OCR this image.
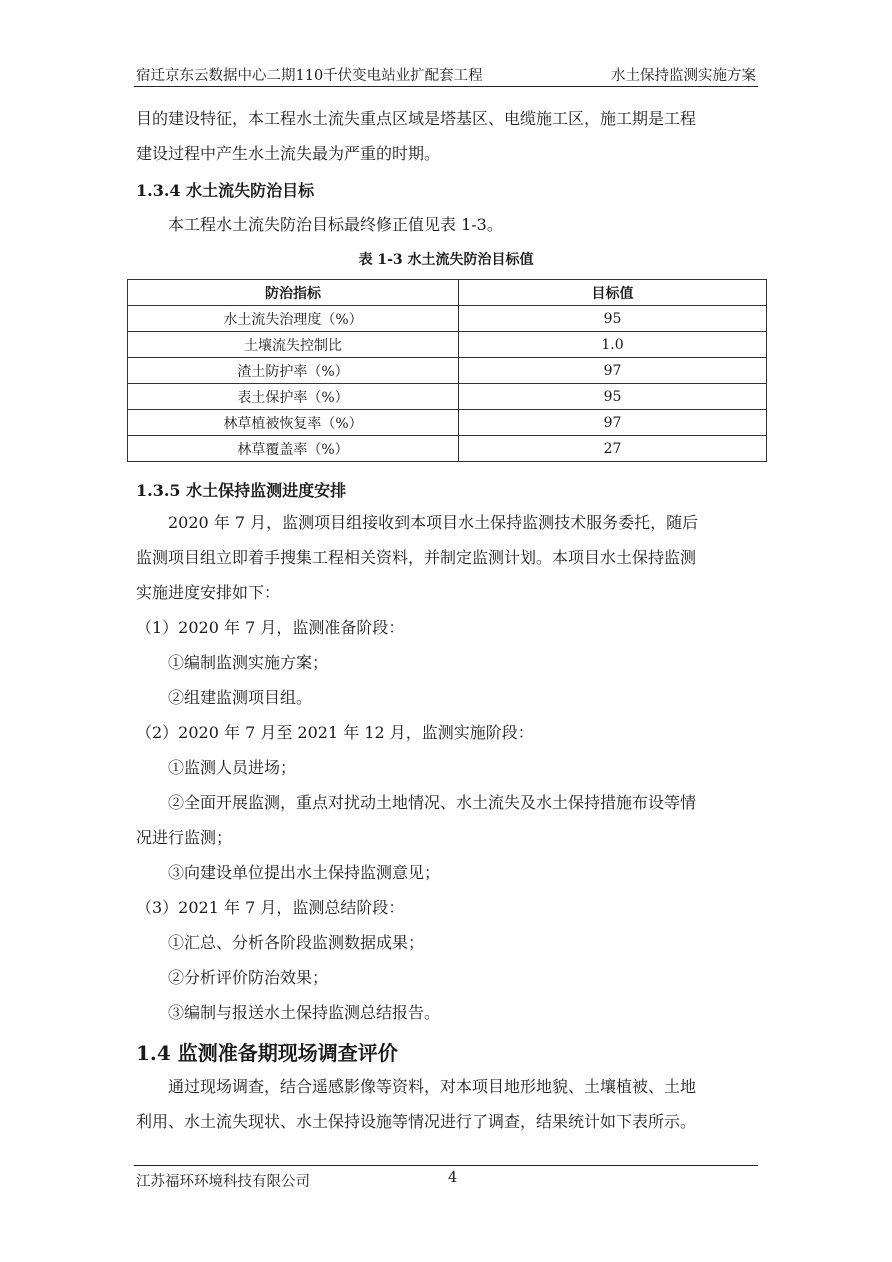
宿迁京东云数据中心二期110千伏变电站业扩配套工程	水土保持监测实施方案

目的建设特征，本工程水土流失重点区域是塔基区、电缆施工区，施工期是工程

建设过程中产生水土流失最为严重的时期。

1.3.4 水土流失防治目标

本工程水土流失防治目标最终修正值见表 1-3。

表 1-3 水土流失防治目标值
防治指标	目标值
水土流失治理度（%）	95
土壤流失控制比	1.0
渣土防护率（%）	97
表土保护率（%）	95
林草植被恢复率（%）	97
林草覆盖率（%）	27
1.3.5 水土保持监测进度安排

2020 年 7 月，监测项目组接收到本项目水土保持监测技术服务委托，随后

监测项目组立即着手搜集工程相关资料，并制定监测计划。本项目水土保持监测

实施进度安排如下：

（1）2020 年 7 月，监测准备阶段：

①编制监测实施方案；

②组建监测项目组。

（2）2020 年 7 月至 2021 年 12 月，监测实施阶段：

①监测人员进场；

②全面开展监测，重点对扰动土地情况、水土流失及水土保持措施布设等情

况进行监测；

③向建设单位提出水土保持监测意见；

（3）2021 年 7 月，监测总结阶段：

①汇总、分析各阶段监测数据成果；

②分析评价防治效果；

③编制与报送水土保持监测总结报告。

1.4 监测准备期现场调查评价

通过现场调查，结合遥感影像等资料，对本项目地形地貌、土壤植被、土地

利用、水土流失现状、水土保持设施等情况进行了调查，结果统计如下表所示。

江苏福环环境科技有限公司	4
